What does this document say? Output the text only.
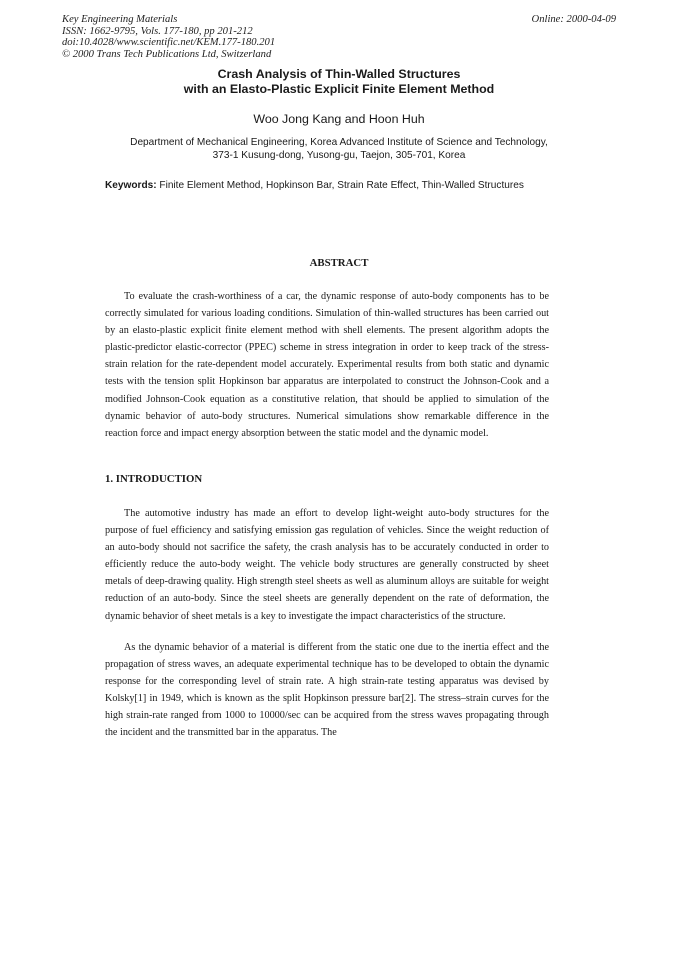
Key Engineering Materials
ISSN: 1662-9795, Vols. 177-180, pp 201-212
doi:10.4028/www.scientific.net/KEM.177-180.201
© 2000 Trans Tech Publications Ltd, Switzerland
Online: 2000-04-09
Crash Analysis of Thin-Walled Structures
with an Elasto-Plastic Explicit Finite Element Method
Woo Jong Kang and Hoon Huh
Department of Mechanical Engineering, Korea Advanced Institute of Science and Technology,
373-1 Kusung-dong, Yusong-gu, Taejon, 305-701, Korea
Keywords: Finite Element Method, Hopkinson Bar, Strain Rate Effect, Thin-Walled Structures
ABSTRACT

To evaluate the crash-worthiness of a car, the dynamic response of auto-body components has to be correctly simulated for various loading conditions. Simulation of thin-walled structures has been carried out by an elasto-plastic explicit finite element method with shell elements. The present algorithm adopts the plastic-predictor elastic-corrector (PPEC) scheme in stress integration in order to keep track of the stress-strain relation for the rate-dependent model accurately. Experimental results from both static and dynamic tests with the tension split Hopkinson bar apparatus are interpolated to construct the Johnson-Cook and a modified Johnson-Cook equation as a constitutive relation, that should be applied to simulation of the dynamic behavior of auto-body structures. Numerical simulations show remarkable difference in the reaction force and impact energy absorption between the static model and the dynamic model.

1. INTRODUCTION

The automotive industry has made an effort to develop light-weight auto-body structures for the purpose of fuel efficiency and satisfying emission gas regulation of vehicles. Since the weight reduction of an auto-body should not sacrifice the safety, the crash analysis has to be accurately conducted in order to efficiently reduce the auto-body weight. The vehicle body structures are generally constructed by sheet metals of deep-drawing quality. High strength steel sheets as well as aluminum alloys are suitable for weight reduction of an auto-body. Since the steel sheets are generally dependent on the rate of deformation, the dynamic behavior of sheet metals is a key to investigate the impact characteristics of the structure.

As the dynamic behavior of a material is different from the static one due to the inertia effect and the propagation of stress waves, an adequate experimental technique has to be developed to obtain the dynamic response for the corresponding level of strain rate. A high strain-rate testing apparatus was devised by Kolsky[1] in 1949, which is known as the split Hopkinson pressure bar[2]. The stress–strain curves for the high strain-rate ranged from 1000 to 10000/sec can be acquired from the stress waves propagating through the incident and the transmitted bar in the apparatus. The
